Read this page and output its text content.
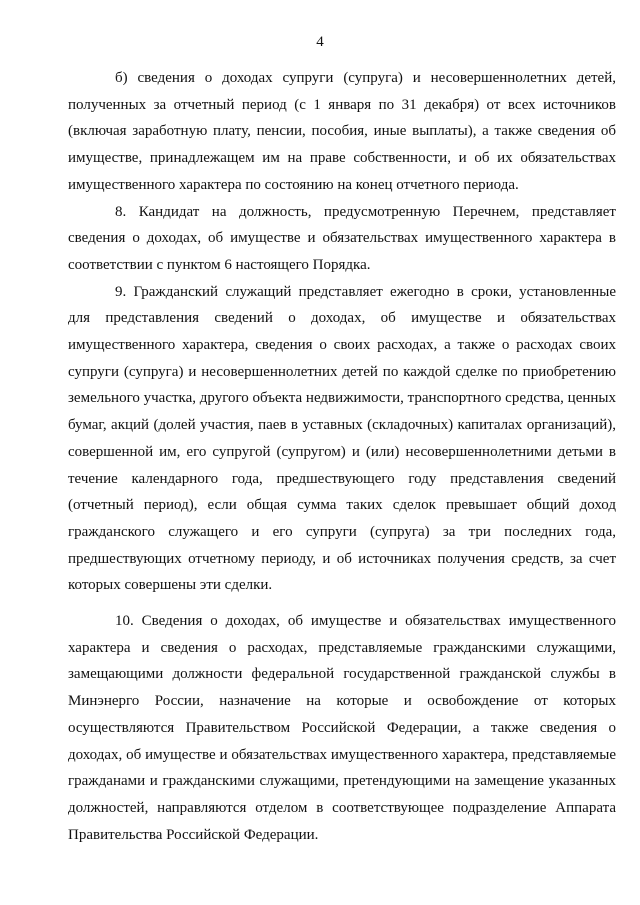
4

б) сведения о доходах супруги (супруга) и несовершеннолетних детей, полученных за отчетный период (с 1 января по 31 декабря) от всех источников (включая заработную плату, пенсии, пособия, иные выплаты), а также сведения об имуществе, принадлежащем им на праве собственности, и об их обязательствах имущественного характера по состоянию на конец отчетного периода.

8. Кандидат на должность, предусмотренную Перечнем, представляет сведения о доходах, об имуществе и обязательствах имущественного характера в соответствии с пунктом 6 настоящего Порядка.

9. Гражданский служащий представляет ежегодно в сроки, установленные для представления сведений о доходах, об имуществе и обязательствах имущественного характера, сведения о своих расходах, а также о расходах своих супруги (супруга) и несовершеннолетних детей по каждой сделке по приобретению земельного участка, другого объекта недвижимости, транспортного средства, ценных бумаг, акций (долей участия, паев в уставных (складочных) капиталах организаций), совершенной им, его супругой (супругом) и (или) несовершеннолетними детьми в течение календарного года, предшествующего году представления сведений (отчетный период), если общая сумма таких сделок превышает общий доход гражданского служащего и его супруги (супруга) за три последних года, предшествующих отчетному периоду, и об источниках получения средств, за счет которых совершены эти сделки.

10. Сведения о доходах, об имуществе и обязательствах имущественного характера и сведения о расходах, представляемые гражданскими служащими, замещающими должности федеральной государственной гражданской службы в Минэнерго России, назначение на которые и освобождение от которых осуществляются Правительством Российской Федерации, а также сведения о доходах, об имуществе и обязательствах имущественного характера, представляемые гражданами и гражданскими служащими, претендующими на замещение указанных должностей, направляются отделом в соответствующее подразделение Аппарата Правительства Российской Федерации.
